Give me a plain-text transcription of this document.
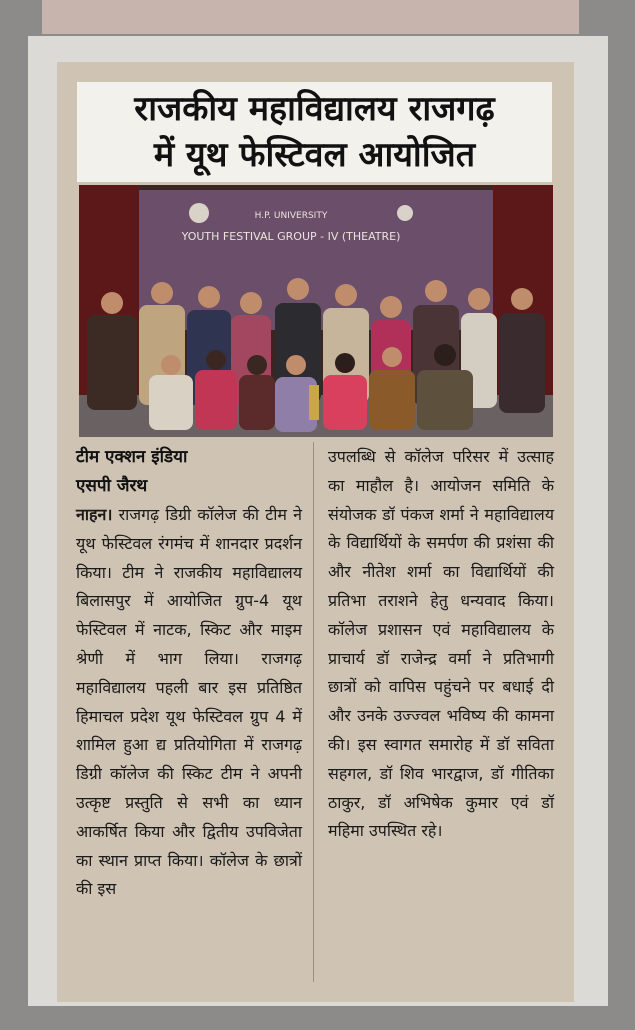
राजकीय महाविद्यालय राजगढ़
में यूथ फेस्टिवल आयोजित
H.P. UNIVERSITY
YOUTH FESTIVAL GROUP - IV (THEATRE)
टीम एक्शन इंडिया
एसपी जैरथ
नाहन। राजगढ़ डिग्री कॉलेज की टीम ने यूथ फेस्टिवल रंगमंच में शानदार प्रदर्शन किया। टीम ने राजकीय महाविद्यालय बिलासपुर में आयोजित ग्रुप-4 यूथ फेस्टिवल में नाटक, स्किट और माइम श्रेणी में भाग लिया। राजगढ़ महाविद्यालय पहली बार इस प्रतिष्ठित हिमाचल प्रदेश यूथ फेस्टिवल ग्रुप 4 में शामिल हुआ द्य प्रतियोगिता में राजगढ़ डिग्री कॉलेज की स्किट टीम ने अपनी उत्कृष्ट प्रस्तुति से सभी का ध्यान आकर्षित किया और द्वितीय उपविजेता का स्थान प्राप्त किया। कॉलेज के छात्रों की इस
उपलब्धि से कॉलेज परिसर में उत्साह का माहौल है। आयोजन समिति के संयोजक डॉ पंकज शर्मा ने महाविद्यालय के विद्यार्थियों के समर्पण की प्रशंसा की और नीतेश शर्मा का विद्यार्थियों की प्रतिभा तराशने हेतु धन्यवाद किया। कॉलेज प्रशासन एवं महाविद्यालय के प्राचार्य डॉ राजेन्द्र वर्मा ने प्रतिभागी छात्रों को वापिस पहुंचने पर बधाई दी और उनके उज्ज्वल भविष्य की कामना की। इस स्वागत समारोह में डॉ सविता सहगल, डॉ शिव भारद्वाज, डॉ गीतिका ठाकुर, डॉ अभिषेक कुमार एवं डॉ महिमा उपस्थित रहे।
